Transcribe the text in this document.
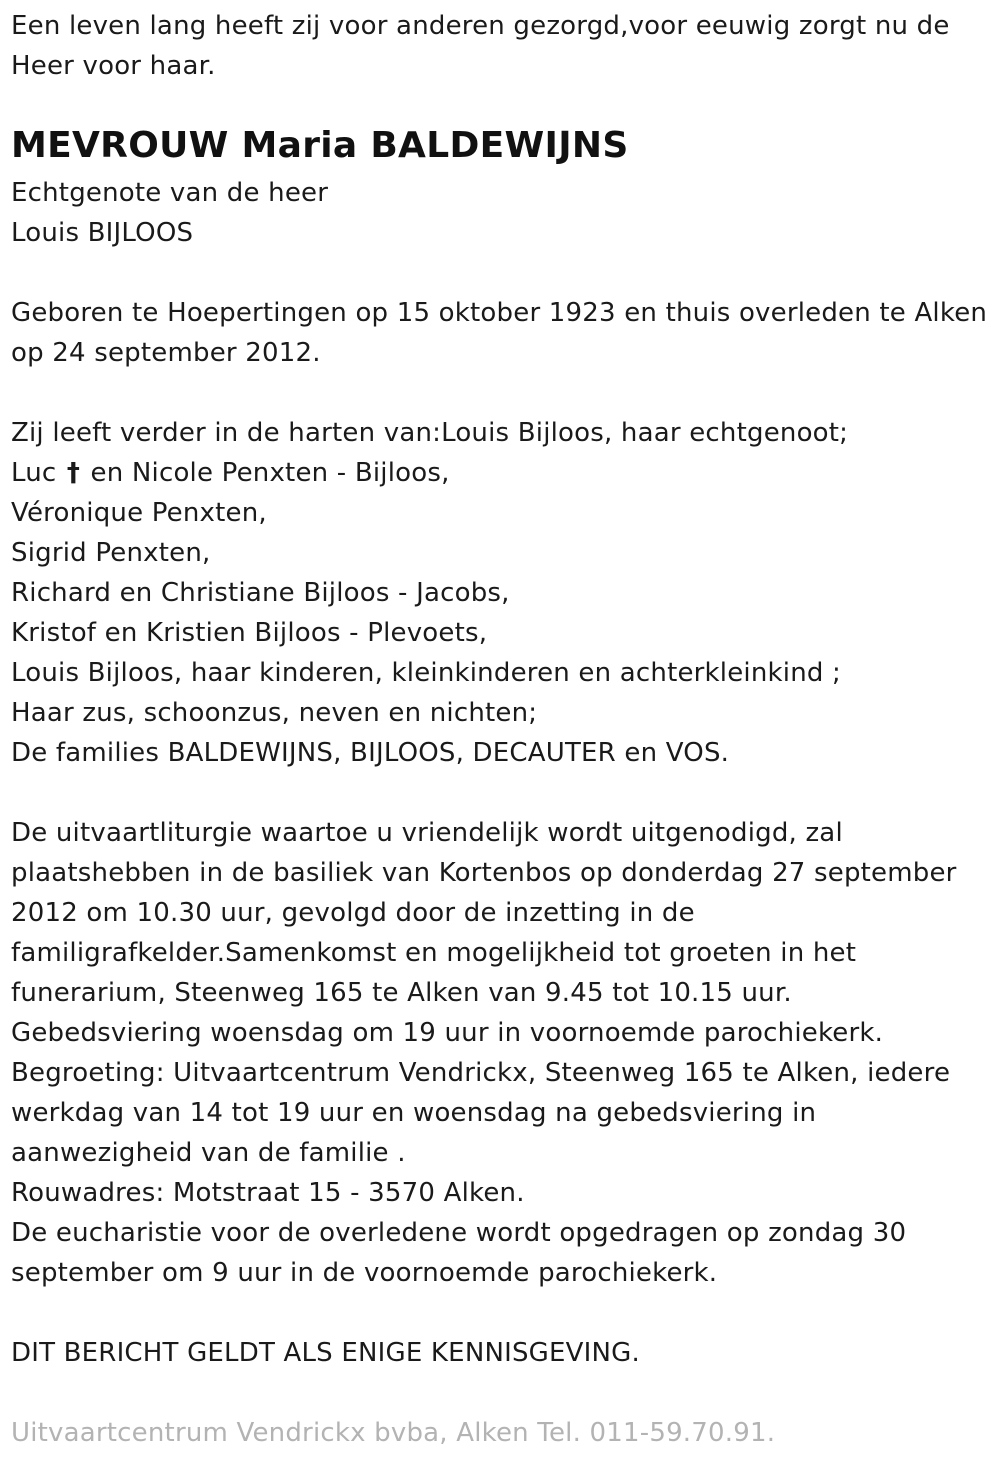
Een leven lang heeft zij voor anderen gezorgd,voor eeuwig zorgt nu de
Heer voor haar.
MEVROUW Maria BALDEWIJNS
Echtgenote van de heer
Louis BIJLOOS
Geboren te Hoepertingen op 15 oktober 1923 en thuis overleden te Alken
op 24 september 2012.
Zij leeft verder in de harten van:Louis Bijloos, haar echtgenoot;
Luc † en Nicole Penxten - Bijloos,
Véronique Penxten,
Sigrid Penxten,
Richard en Christiane Bijloos - Jacobs,
Kristof en Kristien Bijloos - Plevoets,
Louis Bijloos, haar kinderen, kleinkinderen en achterkleinkind ;
Haar zus, schoonzus, neven en nichten;
De families BALDEWIJNS, BIJLOOS, DECAUTER en VOS.
De uitvaartliturgie waartoe u vriendelijk wordt uitgenodigd, zal
plaatshebben in de basiliek van Kortenbos op donderdag 27 september
2012 om 10.30 uur, gevolgd door de inzetting in de
familigrafkelder.Samenkomst en mogelijkheid tot groeten in het
funerarium, Steenweg 165 te Alken van 9.45 tot 10.15 uur.
Gebedsviering woensdag om 19 uur in voornoemde parochiekerk.
Begroeting: Uitvaartcentrum Vendrickx, Steenweg 165 te Alken, iedere
werkdag van 14 tot 19 uur en woensdag na gebedsviering in
aanwezigheid van de familie .
Rouwadres: Motstraat 15 - 3570 Alken.
De eucharistie voor de overledene wordt opgedragen op zondag 30
september om 9 uur in de voornoemde parochiekerk.
DIT BERICHT GELDT ALS ENIGE KENNISGEVING.
Uitvaartcentrum Vendrickx bvba, Alken Tel. 011-59.70.91.
